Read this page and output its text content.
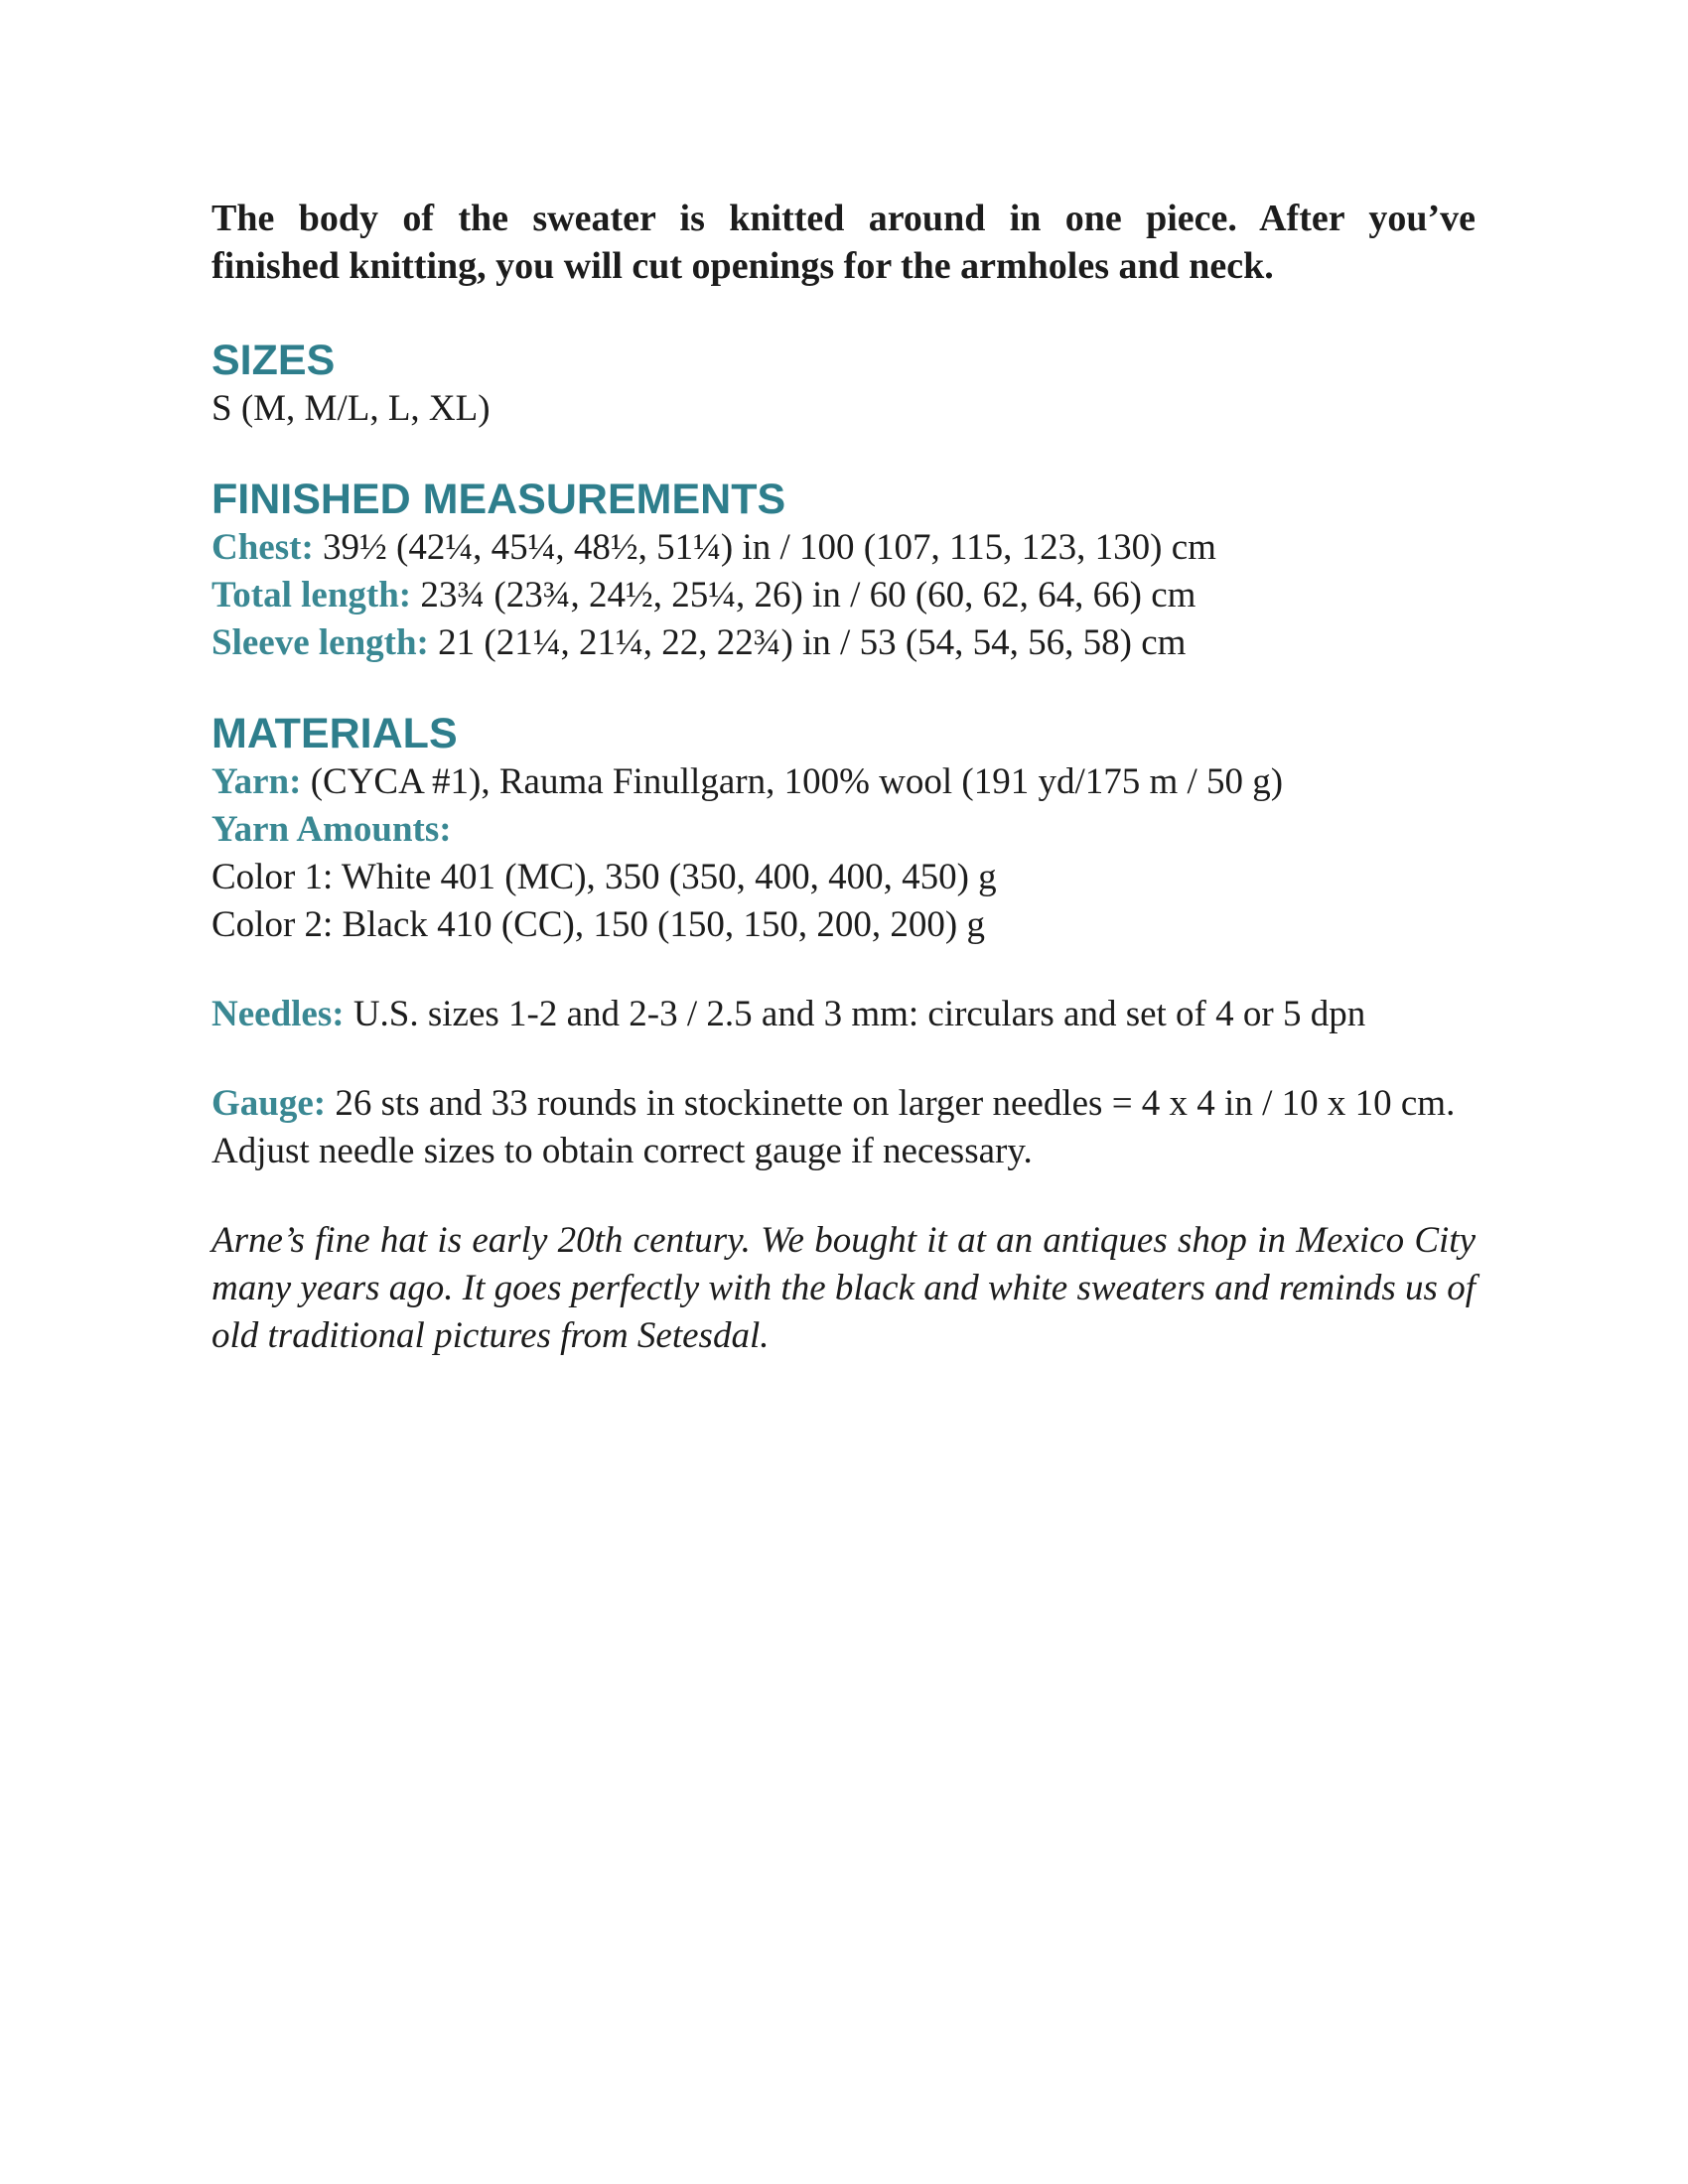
The body of the sweater is knitted around in one piece. After you’ve
finished knitting, you will cut openings for the armholes and neck.

SIZES

S (M, M/L, L, XL)

FINISHED MEASUREMENTS

Chest: 39½ (42¼, 45¼, 48½, 51¼) in / 100 (107, 115, 123, 130) cm

Total length: 23¾ (23¾, 24½, 25¼, 26) in / 60 (60, 62, 64, 66) cm

Sleeve length: 21 (21¼, 21¼, 22, 22¾) in / 53 (54, 54, 56, 58) cm

MATERIALS

Yarn: (CYCA #1), Rauma Finullgarn, 100% wool (191 yd/175 m / 50 g)

Yarn Amounts:

Color 1: White 401 (MC), 350 (350, 400, 400, 450) g

Color 2: Black 410 (CC), 150 (150, 150, 200, 200) g

Needles: U.S. sizes 1-2 and 2-3 / 2.5 and 3 mm: circulars and set of 4 or 5 dpn

Gauge: 26 sts and 33 rounds in stockinette on larger needles = 4 x 4 in / 10 x 10 cm.

Adjust needle sizes to obtain correct gauge if necessary.

Arne’s fine hat is early 20th century. We bought it at an antiques shop in Mexico City many years ago. It goes perfectly with the black and white sweaters and reminds us of old traditional pictures from Setesdal.
